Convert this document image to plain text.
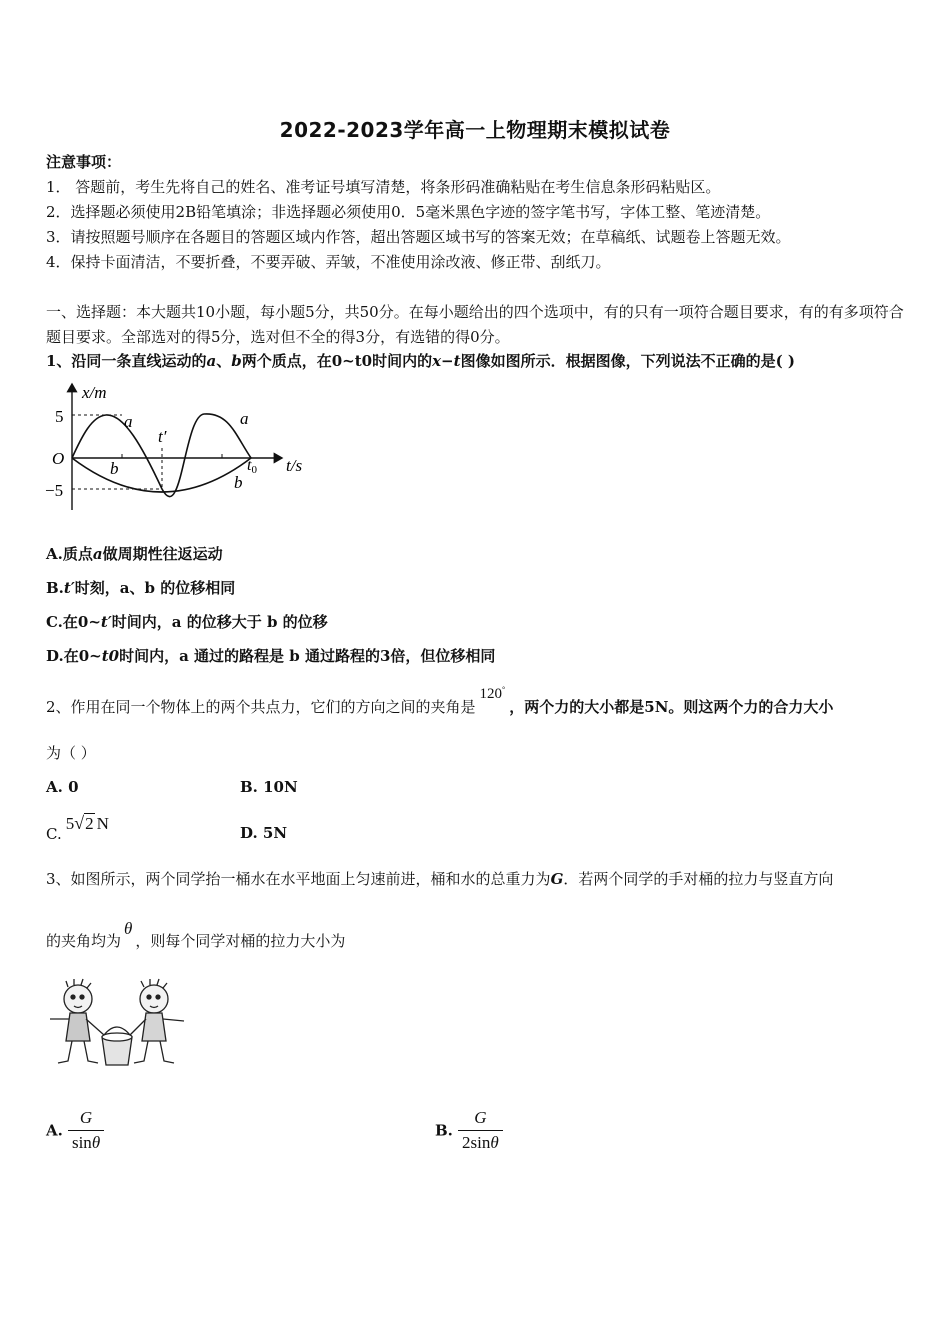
2022-2023学年高一上物理期末模拟试卷
注意事项：
1． 答题前，考生先将自己的姓名、准考证号填写清楚，将条形码准确粘贴在考生信息条形码粘贴区。
2．选择题必须使用2B铅笔填涂；非选择题必须使用0．5毫米黑色字迹的签字笔书写，字体工整、笔迹清楚。
3．请按照题号顺序在各题目的答题区域内作答，超出答题区域书写的答案无效；在草稿纸、试题卷上答题无效。
4．保持卡面清洁，不要折叠，不要弄破、弄皱，不准使用涂改液、修正带、刮纸刀。
一、选择题：本大题共10小题，每小题5分，共50分。在每小题给出的四个选项中，有的只有一项符合题目要求，有的有多项符合题目要求。全部选对的得5分，选对但不全的得3分，有选错的得0分。
1、沿同一条直线运动的a、b两个质点，在0~t0时间内的x−t图像如图所示．根据图像，下列说法不正确的是( )
x/m
t/s
O
5
−5
t′
t0
a	a
b
b
A.质点a做周期性往返运动
B.t′时刻，a、b 的位移相同
C.在0~t′时间内，a 的位移大于 b 的位移
D.在0~t0时间内，a 通过的路程是 b 通过路程的3倍，但位移相同
2、作用在同一个物体上的两个共点力，它们的方向之间的夹角是120°，两个力的大小都是5N。则这两个力的合力大小
为（ ）
A. 0	B. 10N
C.5√2 N	D. 5N
3、如图所示，两个同学抬一桶水在水平地面上匀速前进，桶和水的总重力为G．若两个同学的手对桶的拉力与竖直方向
的夹角均为θ，则每个同学对桶的拉力大小为
A. $\frac{G}{\sin\theta}$	B. $\frac{G}{2\sin\theta}$
